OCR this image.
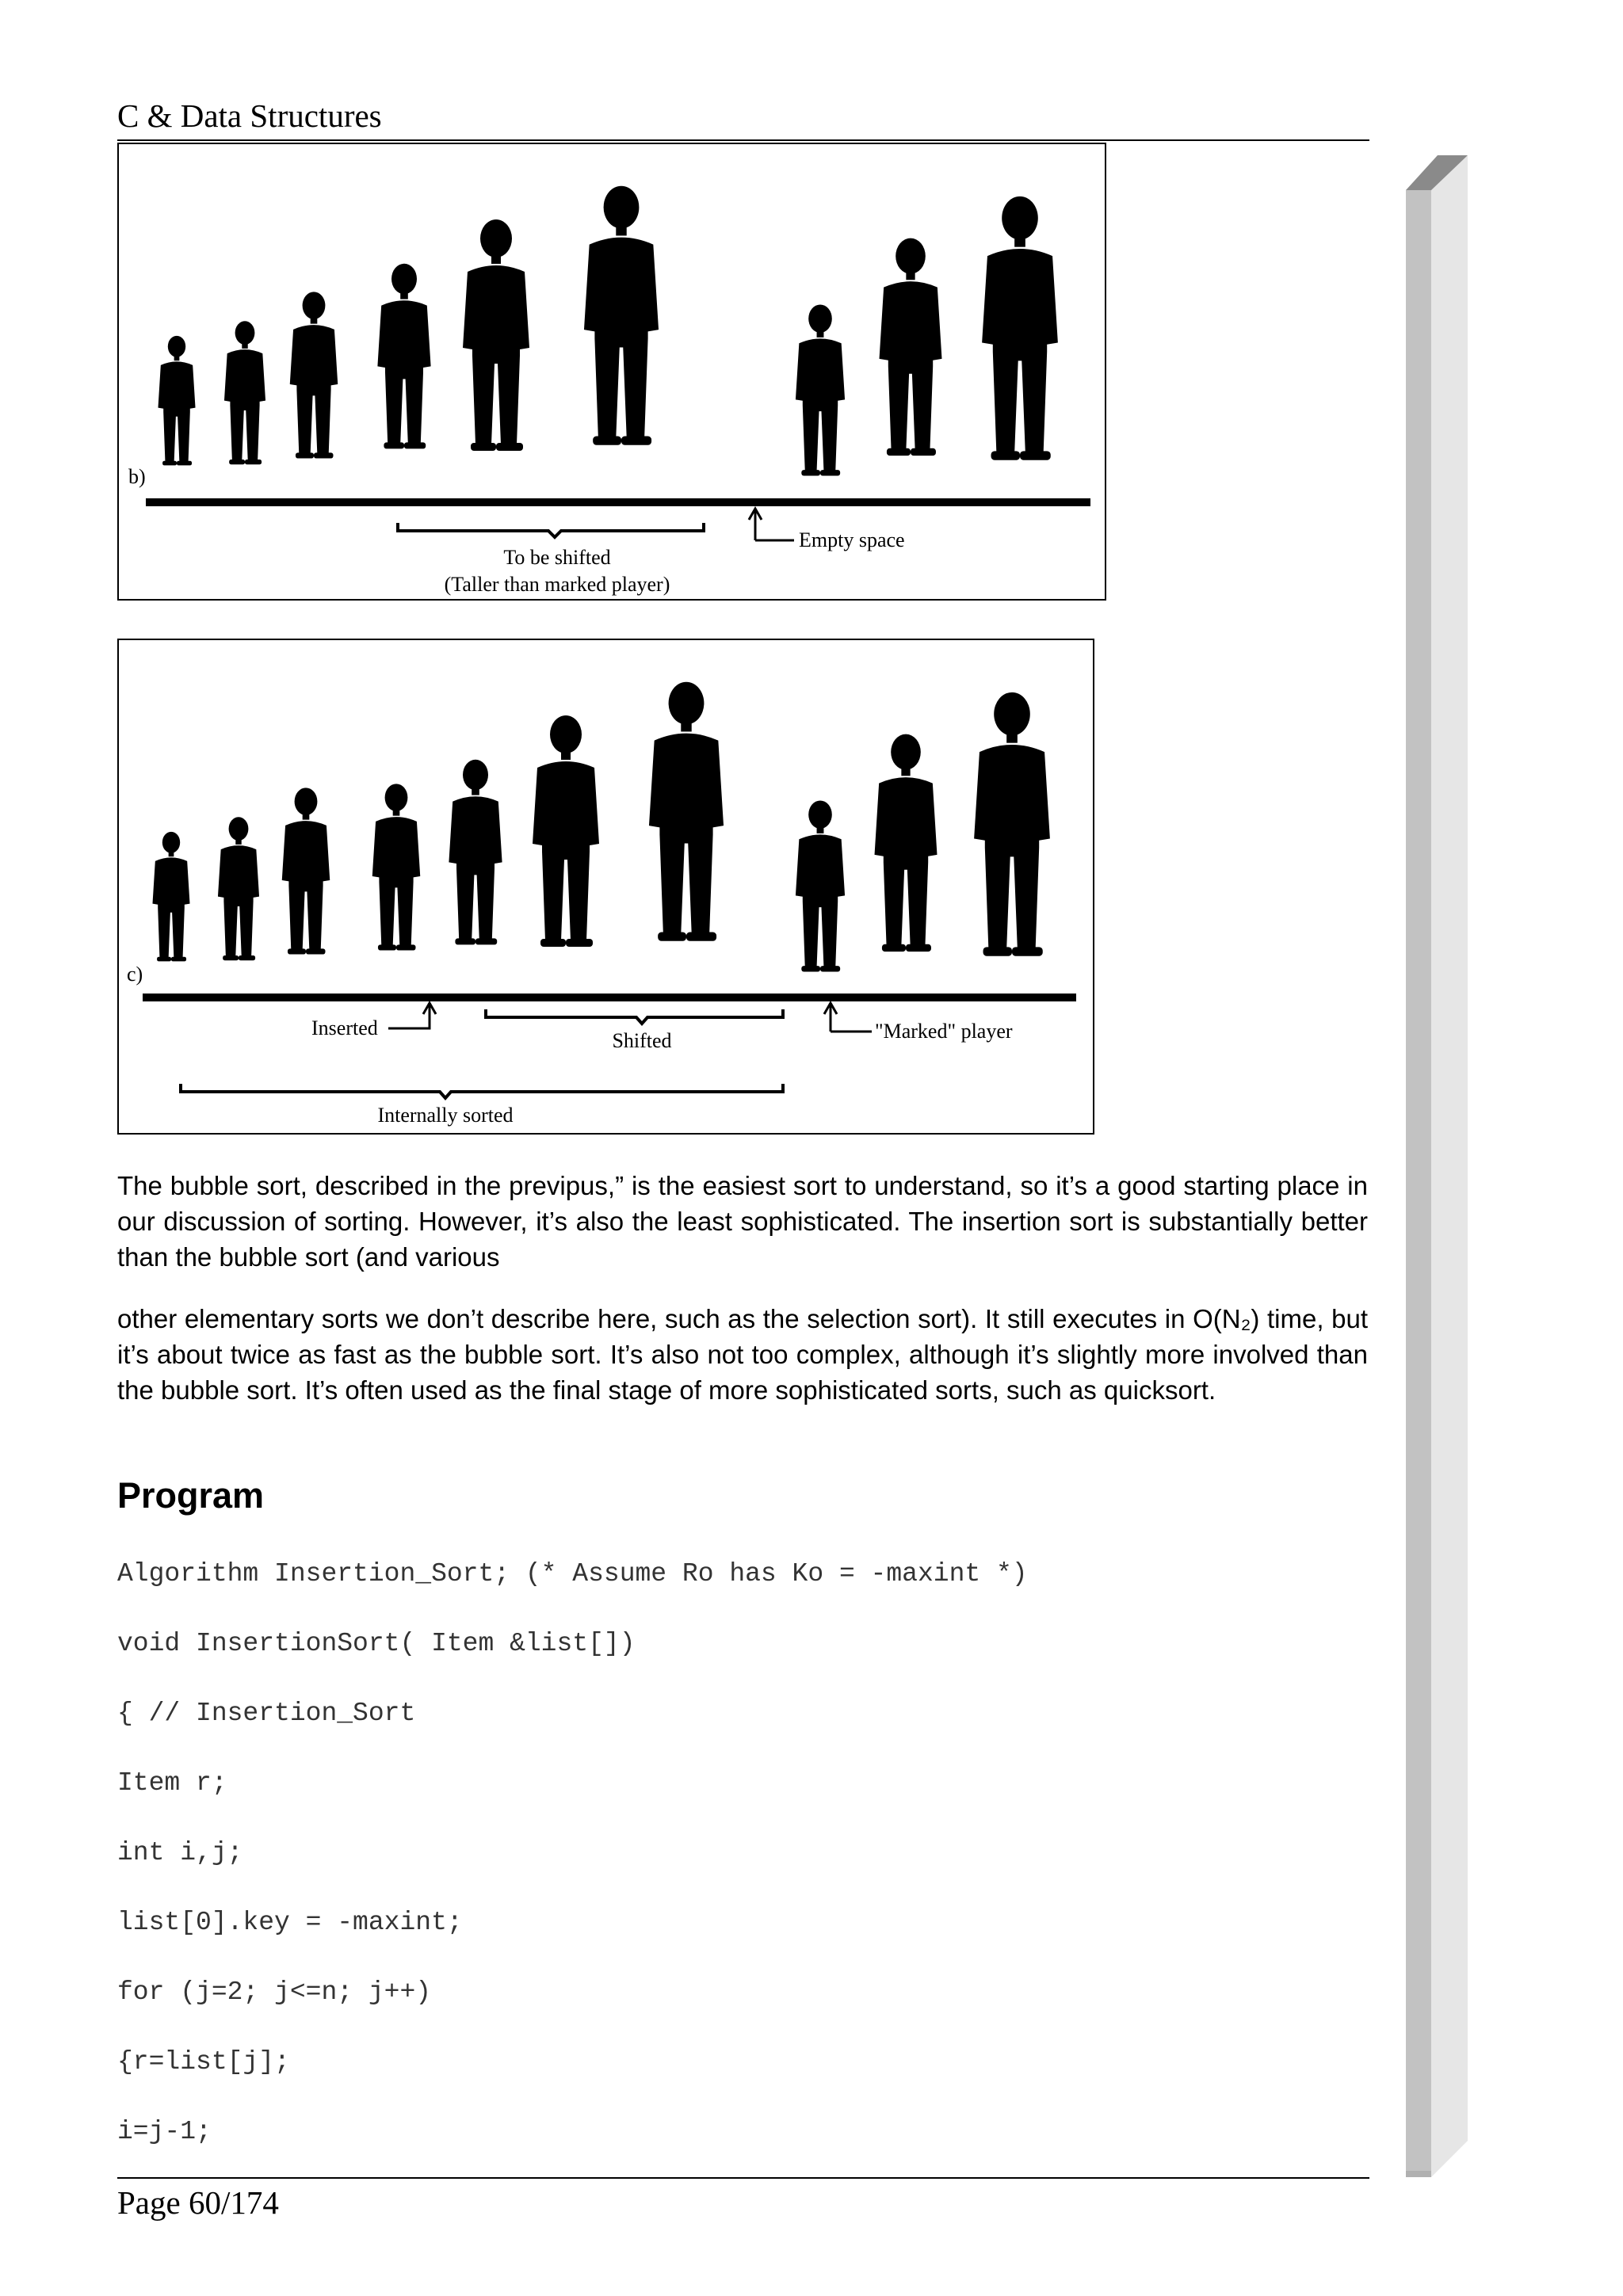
C & Data Structures
b)
To be shifted
(Taller than marked player)
Empty space
c)
Inserted
Shifted	"Marked" player
Internally sorted
The bubble sort, described in the previpus,” is the easiest sort to understand, so it’s a good starting place in our discussion of sorting. However, it’s also the least sophisticated. The insertion sort is substantially better than the bubble sort (and various
other elementary sorts we don’t describe here, such as the selection sort). It still executes in O(N₂) time, but it’s about twice as fast as the bubble sort. It’s also not too complex, although it’s slightly more involved than the bubble sort. It’s often used as the final stage of more sophisticated sorts, such as quicksort.
Program
Algorithm Insertion_Sort; (* Assume Ro has Ko = -maxint *)
void InsertionSort( Item &list[])
{ // Insertion_Sort
Item r;
int i,j;
list[0].key = -maxint;
for (j=2; j<=n; j++)
{r=list[j];
i=j-1;
Page 60/174
